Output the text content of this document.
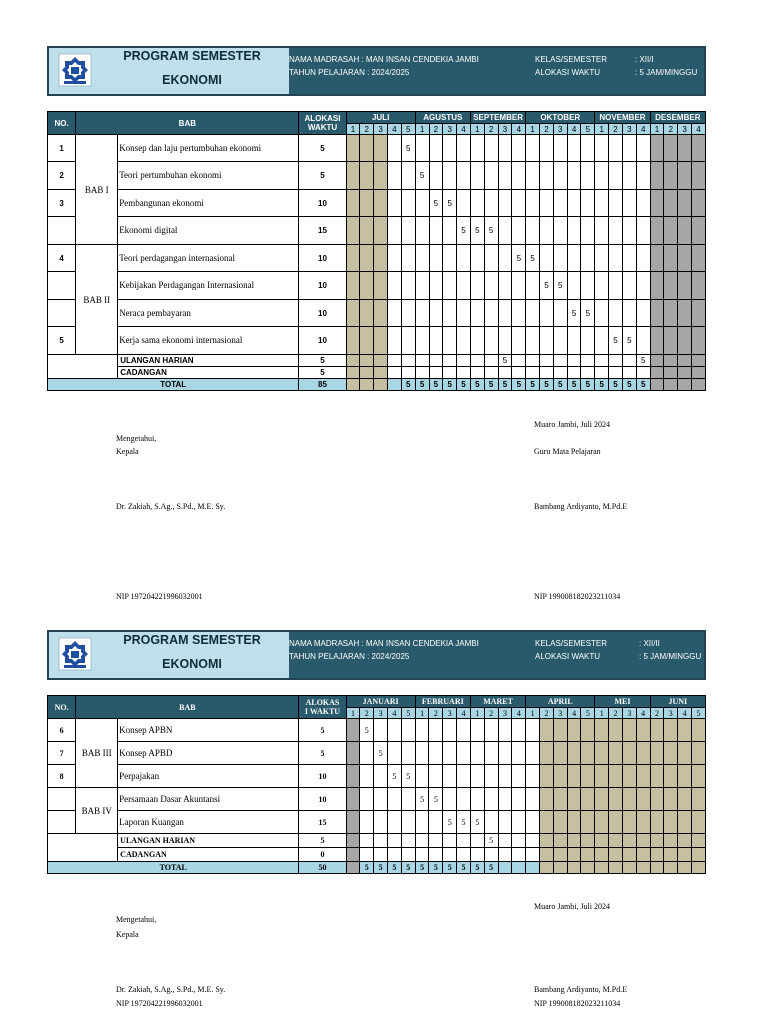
PROGRAM SEMESTER
EKONOMI
NAMA MADRASAH : MAN INSAN CENDEKIA JAMBI
TAHUN PELAJARAN : 2024/2025
KELAS/SEMESTER	: XII/I
ALOKASI WAKTU	: 5 JAM/MINGGU
NO.	BAB		ALOKASI
WAKTU	JULI					AGUSTUS				SEPTEMBER				OKTOBER					NOVEMBER				DESEMBER			
				1	2	3	4	5	1	2	3	4	1	2	3	4	1	2	3	4	5	1	2	3	4	1	2	3	4
1	BAB I	Konsep dan laju pertumbuhan ekonomi	5					5																					
2		Teori pertumbuhan ekonomi	5						5																				
3		Pembangunan ekonomi	10							5	5																		
		Ekonomi digital	15									5	5	5															
4	BAB II	Teori perdagangan internasional	10													5	5												
		Kebijakan Perdagangan Internasional	10															5	5										
		Neraca pembayaran	10																	5	5								
5		Kerja sama ekonomi internasional	10																				5	5					
		ULANGAN HARIAN	5												5										5				
		CADANGAN	5																										
TOTAL			85					5	5	5	5	5	5	5	5	5	5	5	5	5	5	5	5	5	5				
Muaro Jambi, Juli 2024
Mengetahui,
Kepala	Guru Mata Pelajaran
Dr. Zakiah, S.Ag., S.Pd., M.E. Sy.	Bambang Ardiyanto, M.Pd.E
NIP 197204221996032001	NIP 199008182023211034
PROGRAM SEMESTER
EKONOMI
NAMA MADRASAH : MAN INSAN CENDEKIA JAMBI
TAHUN PELAJARAN : 2024/2025
KELAS/SEMESTER	: XII/II
ALOKASI WAKTU	: 5 JAM/MINGGU
NO.	BAB		ALOKAS
I WAKTU	JANUARI					FEBRUARI				MARET				APRIL					MEI				JUNI			
				1	2	3	4	5	1	2	3	4	1	2	3	4	1	2	3	4	5	1	2	3	4	2	3	4	5
6	BAB III	Konsep APBN	5		5																								
7		Konsep APBD	5			5																							
8		Perpajakan	10				5	5																					
	BAB IV	Persamaan Dasar Akuntansi	10						5	5																			
		Laporan Kuangan	15								5	5	5																
		ULANGAN HARIAN	5											5															
		CADANGAN	0																										
TOTAL			50		5	5	5	5	5	5	5	5	5	5															
Muaro Jambi, Juli 2024
Mengetahui,
Kepala
Dr. Zakiah, S.Ag., S.Pd., M.E. Sy.	Bambang Ardiyanto, M.Pd.E
NIP 197204221996032001	NIP 199008182023211034
